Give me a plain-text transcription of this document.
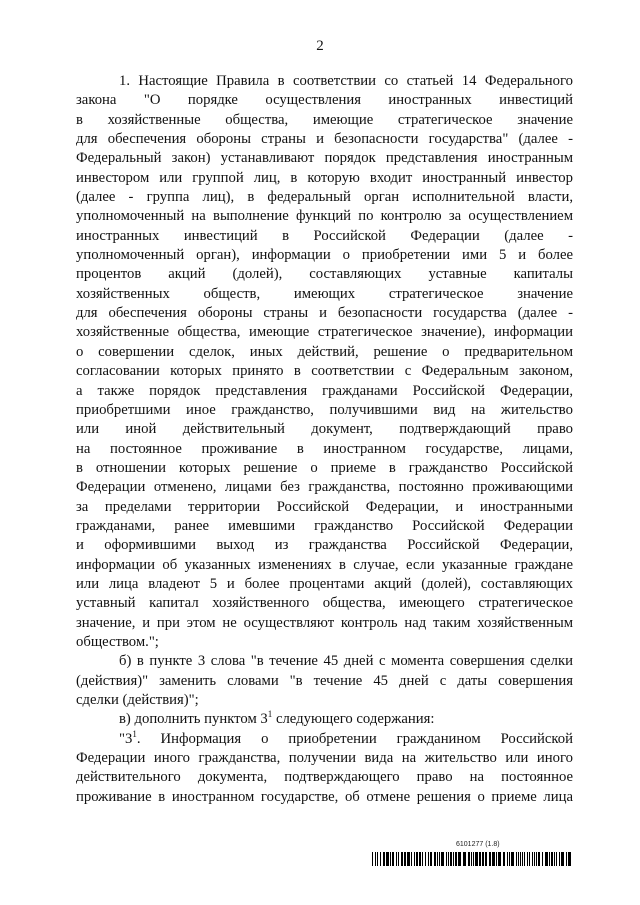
2
1. Настоящие Правила в соответствии со статьей 14 Федерального
закона "О порядке осуществления иностранных инвестиций
в хозяйственные общества, имеющие стратегическое значение
для обеспечения обороны страны и безопасности государства" (далее -
Федеральный закон) устанавливают порядок представления иностранным
инвестором или группой лиц, в которую входит иностранный инвестор
(далее - группа лиц), в федеральный орган исполнительной власти,
уполномоченный на выполнение функций по контролю за осуществлением
иностранных инвестиций в Российской Федерации (далее -
уполномоченный орган), информации о приобретении ими 5 и более
процентов акций (долей), составляющих уставные капиталы
хозяйственных обществ, имеющих стратегическое значение
для обеспечения обороны страны и безопасности государства (далее -
хозяйственные общества, имеющие стратегическое значение), информации
о совершении сделок, иных действий, решение о предварительном
согласовании которых принято в соответствии с Федеральным законом,
а также порядок представления гражданами Российской Федерации,
приобретшими иное гражданство, получившими вид на жительство
или иной действительный документ, подтверждающий право
на постоянное проживание в иностранном государстве, лицами,
в отношении которых решение о приеме в гражданство Российской
Федерации отменено, лицами без гражданства, постоянно проживающими
за пределами территории Российской Федерации, и иностранными
гражданами, ранее имевшими гражданство Российской Федерации
и оформившими выход из гражданства Российской Федерации,
информации об указанных изменениях в случае, если указанные граждане
или лица владеют 5 и более процентами акций (долей), составляющих
уставный капитал хозяйственного общества, имеющего стратегическое
значение, и при этом не осуществляют контроль над таким хозяйственным
обществом.";
б) в пункте 3 слова "в течение 45 дней с момента совершения сделки
(действия)" заменить словами "в течение 45 дней с даты совершения
сделки (действия)";
в) дополнить пунктом $3^1$ следующего содержания:
"$3^1$. Информация о приобретении гражданином Российской
Федерации иного гражданства, получении вида на жительство или иного
действительного документа, подтверждающего право на постоянное
проживание в иностранном государстве, об отмене решения о приеме лица
6101277 (1.8)
